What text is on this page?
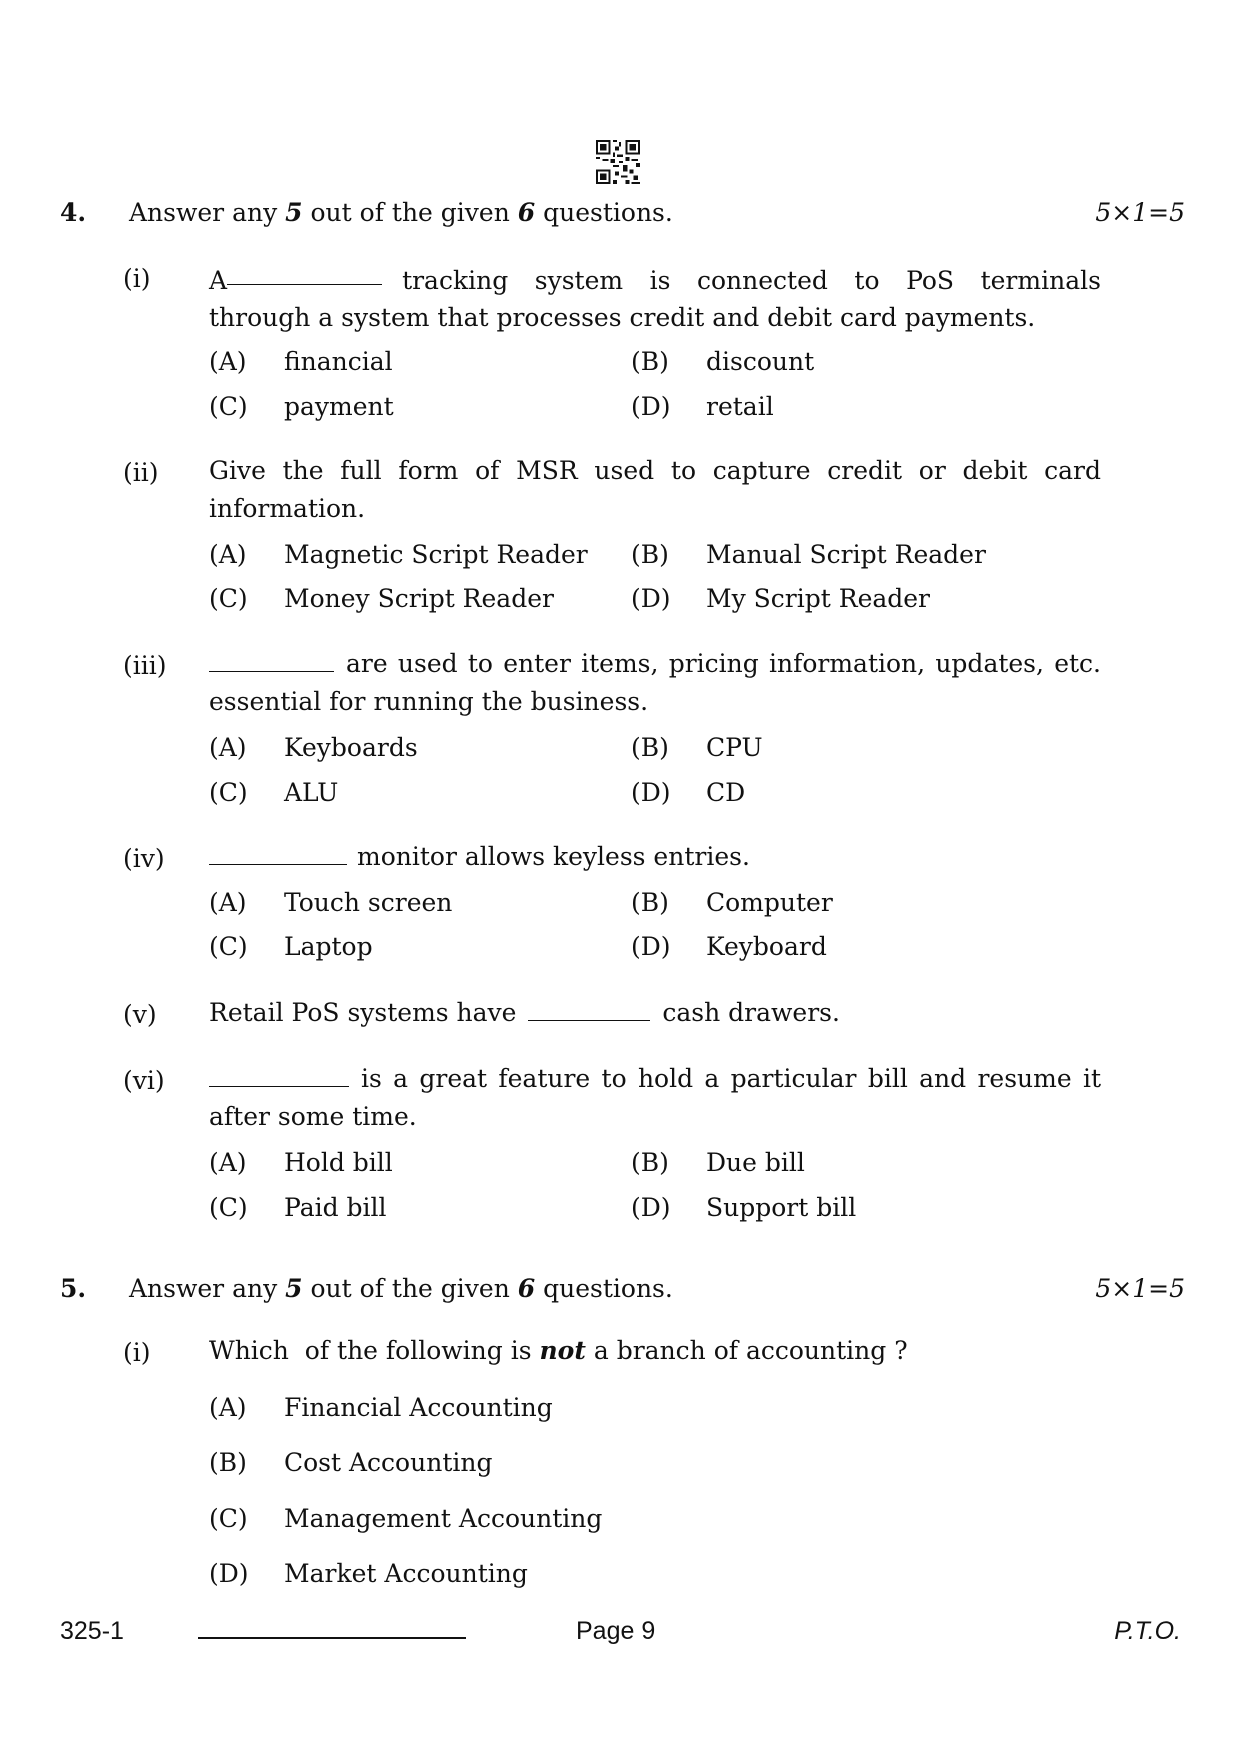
4. Answer any 5 out of the given 6 questions.	5×1=5
(i) A	tracking system is connected to PoS terminals
through a system that processes credit and debit card payments.
(A) financial	(B) discount
(C) payment	(D) retail
(ii) Give the full form of MSR used to capture credit or debit card
information.
(A) Magnetic Script Reader (B) Manual Script Reader
(C) Money Script Reader	(D) My Script Reader
(iii)	are used to enter items, pricing information, updates, etc.
essential for running the business.
(A) Keyboards	(B) CPU
(C) ALU	(D) CD
(iv)	monitor allows keyless entries.
(A) Touch screen	(B) Computer
(C) Laptop	(D) Keyboard
(v) Retail PoS systems have	cash drawers.
(vi)	is a great feature to hold a particular bill and resume it
after some time.
(A) Hold bill	(B) Due bill
(C) Paid bill	(D) Support bill
5. Answer any 5 out of the given 6 questions.	5×1=5
(i) Which  of the following is not a branch of accounting ?
(A) Financial Accounting
(B) Cost Accounting
(C) Management Accounting
(D) Market Accounting
325-1	Page 9	P.T.O.
